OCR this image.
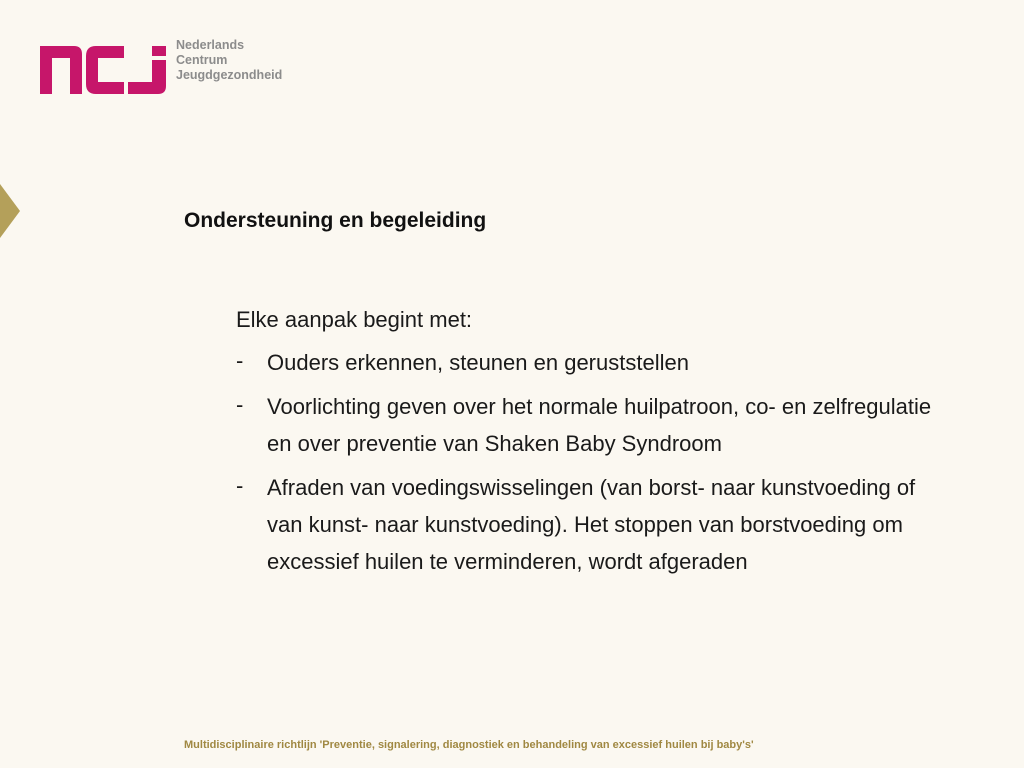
Nederlands
Centrum
Jeugdgezondheid
Ondersteuning en begeleiding
Elke aanpak begint met:
- Ouders erkennen, steunen en geruststellen
- Voorlichting geven over het normale huilpatroon, co- en zelfregulatie en over preventie van Shaken Baby Syndroom
- Afraden van voedingswisselingen (van borst- naar kunstvoeding of van kunst- naar kunstvoeding). Het stoppen van borstvoeding om excessief huilen te verminderen, wordt afgeraden
Multidisciplinaire richtlijn 'Preventie, signalering, diagnostiek en behandeling van excessief huilen bij baby's'
